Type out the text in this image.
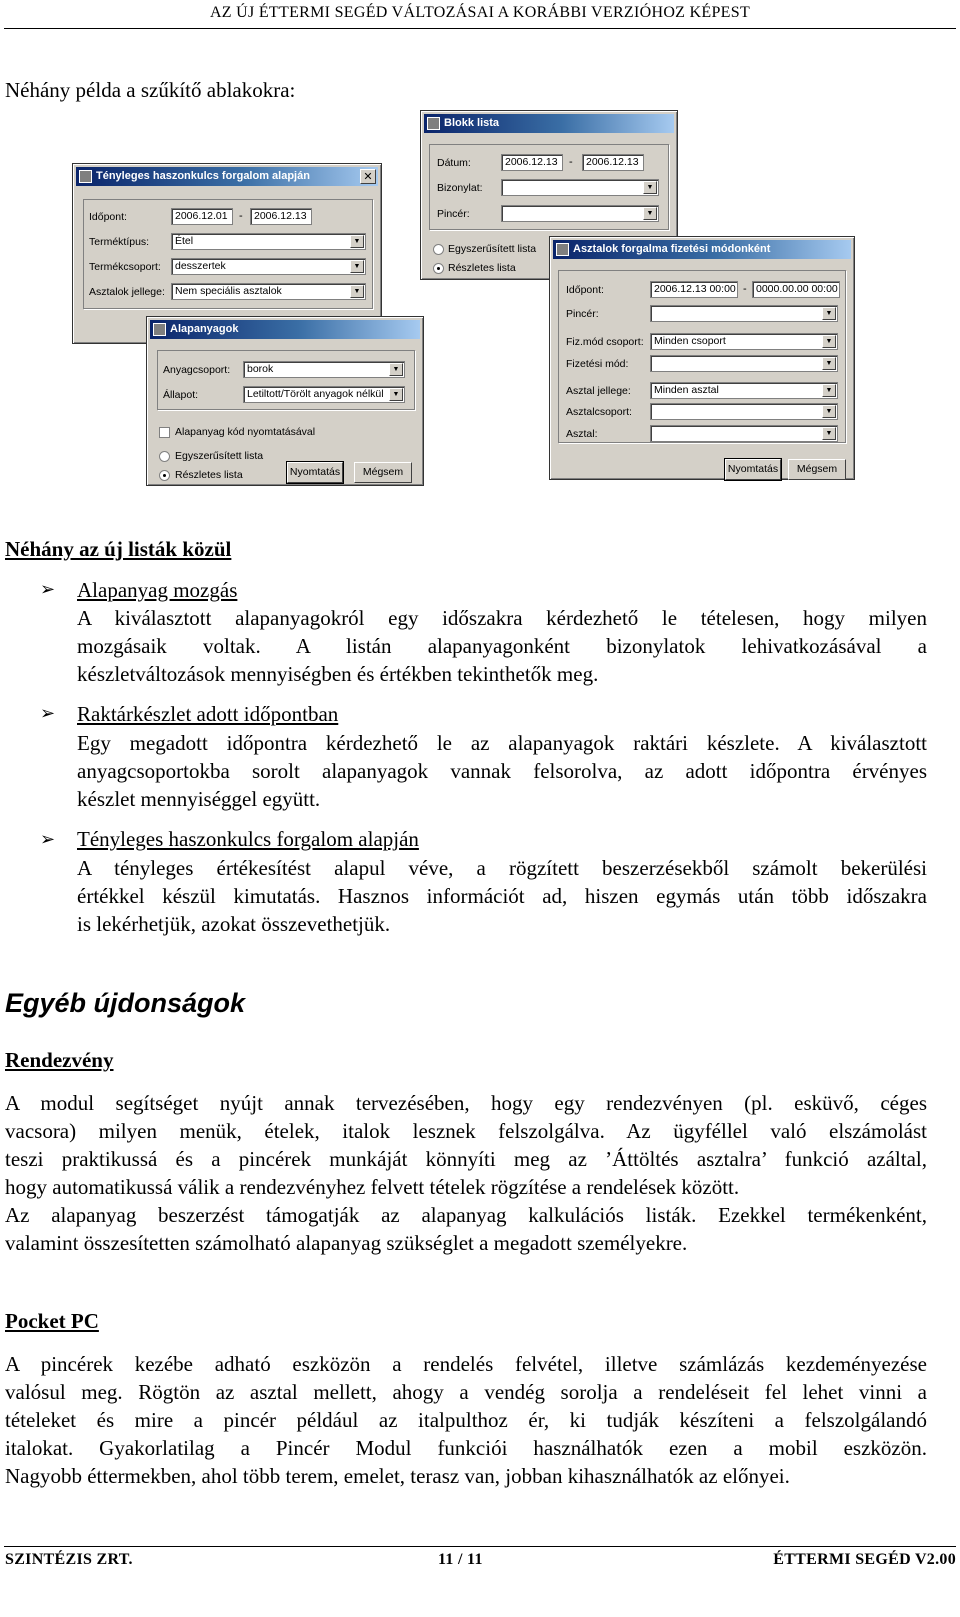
AZ ÚJ ÉTTERMI SEGÉD VÁLTOZÁSAI A KORÁBBI VERZIÓHOZ KÉPEST
Néhány példa a szűkítő ablakokra:
Tényleges haszonkulcs forgalom alapján	✕
Időpont:	2006.12.01	-	2006.12.13
Terméktípus:	Étel	▼
Termékcsoport:	desszertek	▼
Asztalok jellege: Nem speciális asztalok	▼
Blokk lista
Dátum:	2006.12.13	-	2006.12.13
Bizonylat:	▼
Pincér:	▼
Egyszerűsített lista
Részletes lista
Alapanyagok
Anyagcsoport:	borok	▼
Állapot:	Letiltott/Törölt anyagok nélkül	▼
Alapanyag kód nyomtatásával
Egyszerűsített lista
Részletes lista	Nyomtatás	Mégsem
Asztalok forgalma fizetési módonként
Időpont:	2006.12.13 00:00 - 0000.00.00 00:00
Pincér:	▼
Fiz.mód csoport: Minden csoport	▼
Fizetési mód:	▼
Asztal jellege:	Minden asztal	▼
Asztalcsoport:	▼
Asztal:	▼
Nyomtatás	Mégsem
Néhány az új listák közül
➢ Alapanyag mozgás
A kiválasztott alapanyagokról egy időszakra kérdezhető le tételesen, hogy milyen
mozgásaik voltak. A listán alapanyagonként bizonylatok lehivatkozásával a
készletváltozások mennyiségben és értékben tekinthetők meg.
➢ Raktárkészlet adott időpontban
Egy megadott időpontra kérdezhető le az alapanyagok raktári készlete. A kiválasztott
anyagcsoportokba sorolt alapanyagok vannak felsorolva, az adott időpontra érvényes
készlet mennyiséggel együtt.
➢ Tényleges haszonkulcs forgalom alapján
A tényleges értékesítést alapul véve, a rögzített beszerzésekből számolt bekerülési
értékkel készül kimutatás. Hasznos információt ad, hiszen egymás után több időszakra
is lekérhetjük, azokat összevethetjük.
Egyéb újdonságok
Rendezvény
A modul segítséget nyújt annak tervezésében, hogy egy rendezvényen (pl. esküvő, céges
vacsora) milyen menük, ételek, italok lesznek felszolgálva. Az ügyféllel való elszámolást
teszi praktikussá és a pincérek munkáját könnyíti meg az ’Áttöltés asztalra’ funkció azáltal,
hogy automatikussá válik a rendezvényhez felvett tételek rögzítése a rendelések között.
Az alapanyag beszerzést támogatják az alapanyag kalkulációs listák. Ezekkel termékenként,
valamint összesítetten számolható alapanyag szükséglet a megadott személyekre.
Pocket PC
A pincérek kezébe adható eszközön a rendelés felvétel, illetve számlázás kezdeményezése
valósul meg. Rögtön az asztal mellett, ahogy a vendég sorolja a rendeléseit fel lehet vinni a
tételeket és mire a pincér például az italpulthoz ér, ki tudják készíteni a felszolgálandó
italokat. Gyakorlatilag a Pincér Modul funkciói használhatók ezen a mobil eszközön.
Nagyobb éttermekben, ahol több terem, emelet, terasz van, jobban kihasználhatók az előnyei.
SZINTÉZIS ZRT.	11 / 11	ÉTTERMI SEGÉD V2.00
